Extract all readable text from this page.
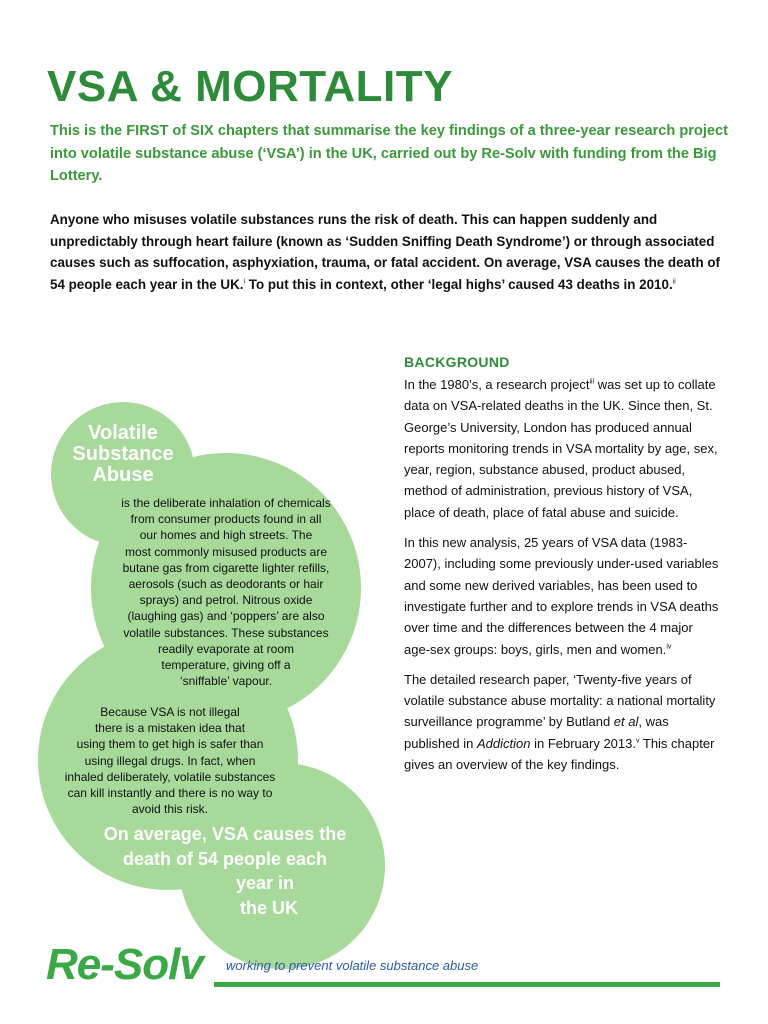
VSA & MORTALITY

This is the FIRST of SIX chapters that summarise the key findings of a three-year research project into volatile substance abuse (‘VSA’) in the UK, carried out by Re-Solv with funding from the Big Lottery.

Anyone who misuses volatile substances runs the risk of death. This can happen suddenly and unpredictably through heart failure (known as ‘Sudden Sniffing Death Syndrome’) or through associated causes such as suffocation, asphyxiation, trauma, or fatal accident. On average, VSA causes the death of 54 people each year in the UK.$^i$ To put this in context, other ‘legal highs’ caused 43 deaths in 2010.$^{ii}$

BACKGROUND

In the 1980’s, a research project$^{iii}$ was set up to collate data on VSA-related deaths in the UK. Since then, St. George’s University, London has produced annual reports monitoring trends in VSA mortality by age, sex, year, region, substance abused, product abused, method of administration, previous history of VSA, place of death, place of fatal abuse and suicide.

In this new analysis, 25 years of VSA data (1983-2007), including some previously under-used variables and some new derived variables, has been used to investigate further and to explore trends in VSA deaths over time and the differences between the 4 major age-sex groups: boys, girls, men and women.$^{iv}$

The detailed research paper, ‘Twenty-five years of volatile substance abuse mortality: a national mortality surveillance programme’ by Butland et al, was published in Addiction in February 2013.$^v$ This chapter gives an overview of the key findings.

Volatile
Substance
Abuse
is the deliberate inhalation of chemicals
from consumer products found in all
our homes and high streets. The
most commonly misused products are
butane gas from cigarette lighter refills,
aerosols (such as deodorants or hair
sprays) and petrol. Nitrous oxide
(laughing gas) and ‘poppers’ are also
volatile substances. These substances
readily evaporate at room
temperature, giving off a
‘sniffable’ vapour.
Because VSA is not illegal
there is a mistaken idea that
using them to get high is safer than
using illegal drugs. In fact, when
inhaled deliberately, volatile substances
can kill instantly and there is no way to
avoid this risk.
On average, VSA causes the
death of 54 people each
year in
the UK
Re-Solv working to prevent volatile substance abuse
